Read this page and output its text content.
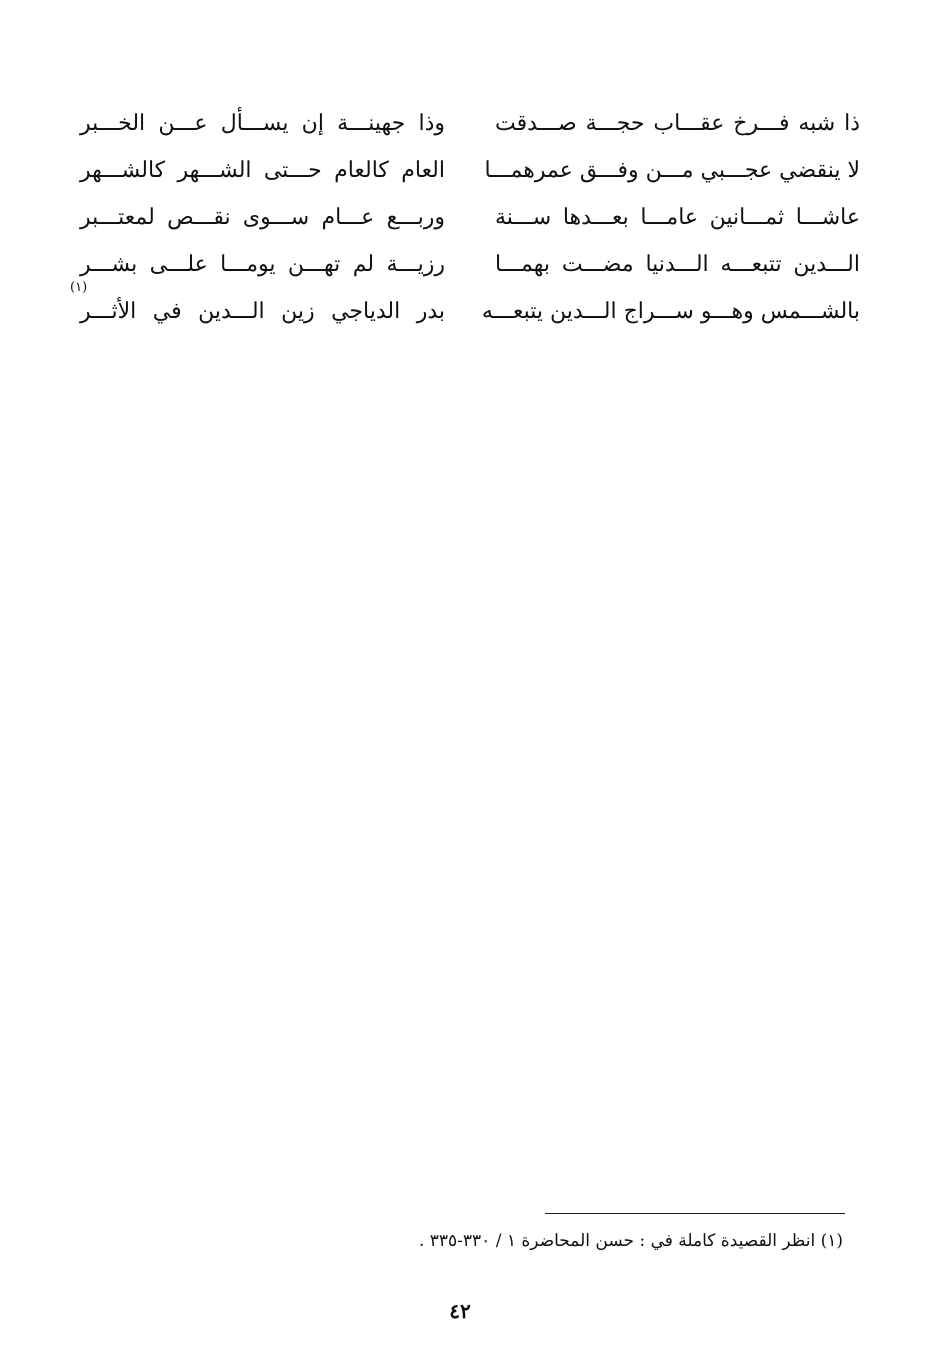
ذا شبه فـــرخ عقـــاب حجـــة صـــدقت
وذا جهينـــة إن يســـأل عـــن الخـــبر
لا ينقضي عجـــبي مـــن وفـــق عمرهمـــا
العام كالعام حـــتى الشـــهر كالشـــهر
عاشـــا ثمـــانين عامـــا بعـــدها ســـنة
وربـــع عـــام ســـوى نقـــص لمعتـــبر
الـــدين تتبعـــه الـــدنيا مضـــت بهمـــا
رزيـــة لم تهـــن يومـــا علـــى بشـــر
بالشـــمس وهـــو ســـراج الـــدين يتبعـــه
بدر الدياجي زين الـــدين في الأثـــر
(١)
(١) انظر القصيدة كاملة في : حسن المحاضرة ١ / ٣٣٠-٣٣٥ .
٤٢
